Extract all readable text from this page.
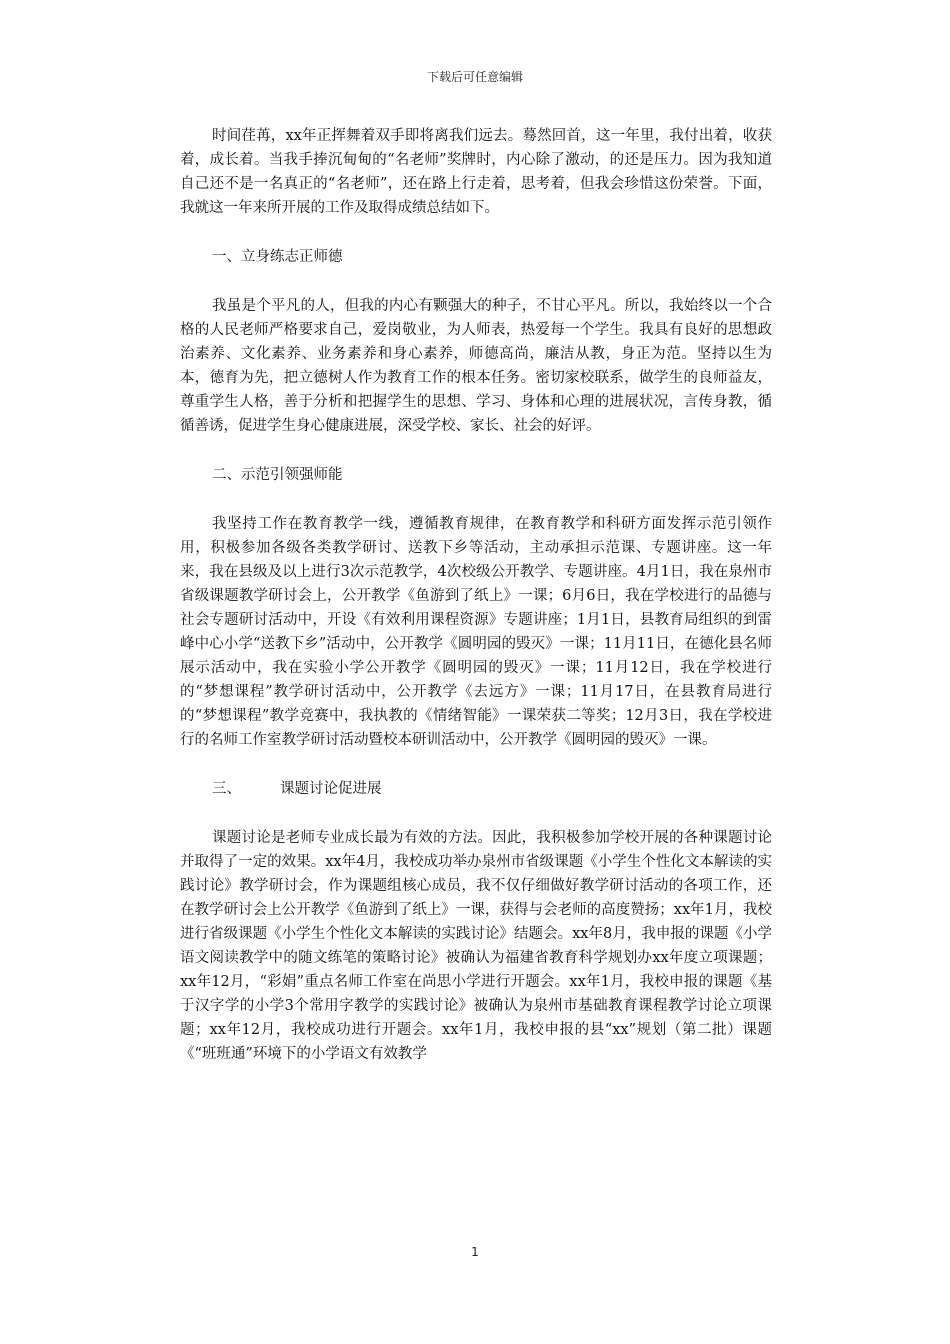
下载后可任意编辑

时间荏苒，xx年正挥舞着双手即将离我们远去。蓦然回首，这一年里，我付出着，收获着，成长着。当我手捧沉甸甸的“名老师”奖牌时，内心除了激动，的还是压力。因为我知道自己还不是一名真正的“名老师”，还在路上行走着，思考着，但我会珍惜这份荣誉。下面，我就这一年来所开展的工作及取得成绩总结如下。

一、立身练志正师德

我虽是个平凡的人，但我的内心有颗强大的种子，不甘心平凡。所以，我始终以一个合格的人民老师严格要求自己，爱岗敬业，为人师表，热爱每一个学生。我具有良好的思想政治素养、文化素养、业务素养和身心素养，师德高尚，廉洁从教，身正为范。坚持以生为本，德育为先，把立德树人作为教育工作的根本任务。密切家校联系，做学生的良师益友，尊重学生人格，善于分析和把握学生的思想、学习、身体和心理的进展状况，言传身教，循循善诱，促进学生身心健康进展，深受学校、家长、社会的好评。

二、示范引领强师能

我坚持工作在教育教学一线，遵循教育规律，在教育教学和科研方面发挥示范引领作用，积极参加各级各类教学研讨、送教下乡等活动，主动承担示范课、专题讲座。这一年来，我在县级及以上进行3次示范教学，4次校级公开教学、专题讲座。4月1日，我在泉州市省级课题教学研讨会上，公开教学《鱼游到了纸上》一课；6月6日，我在学校进行的品德与社会专题研讨活动中，开设《有效利用课程资源》专题讲座；1月1日，县教育局组织的到雷峰中心小学“送教下乡”活动中，公开教学《圆明园的毁灭》一课；11月11日，在德化县名师展示活动中，我在实验小学公开教学《圆明园的毁灭》一课；11月12日，我在学校进行的“梦想课程”教学研讨活动中，公开教学《去远方》一课；11月17日，在县教育局进行的“梦想课程”教学竞赛中，我执教的《情绪智能》一课荣获二等奖；12月3日，我在学校进行的名师工作室教学研讨活动暨校本研训活动中，公开教学《圆明园的毁灭》一课。

三、	课题讨论促进展

课题讨论是老师专业成长最为有效的方法。因此，我积极参加学校开展的各种课题讨论并取得了一定的效果。xx年4月，我校成功举办泉州市省级课题《小学生个性化文本解读的实践讨论》教学研讨会，作为课题组核心成员，我不仅仔细做好教学研讨活动的各项工作，还在教学研讨会上公开教学《鱼游到了纸上》一课，获得与会老师的高度赞扬；xx年1月，我校进行省级课题《小学生个性化文本解读的实践讨论》结题会。xx年8月，我申报的课题《小学语文阅读教学中的随文练笔的策略讨论》被确认为福建省教育科学规划办xx年度立项课题；xx年12月，“彩娟”重点名师工作室在尚思小学进行开题会。xx年1月，我校申报的课题《基于汉字学的小学3个常用字教学的实践讨论》被确认为泉州市基础教育课程教学讨论立项课题；xx年12月，我校成功进行开题会。xx年1月，我校申报的县“xx”规划（第二批）课题《“班班通”环境下的小学语文有效教学

1
